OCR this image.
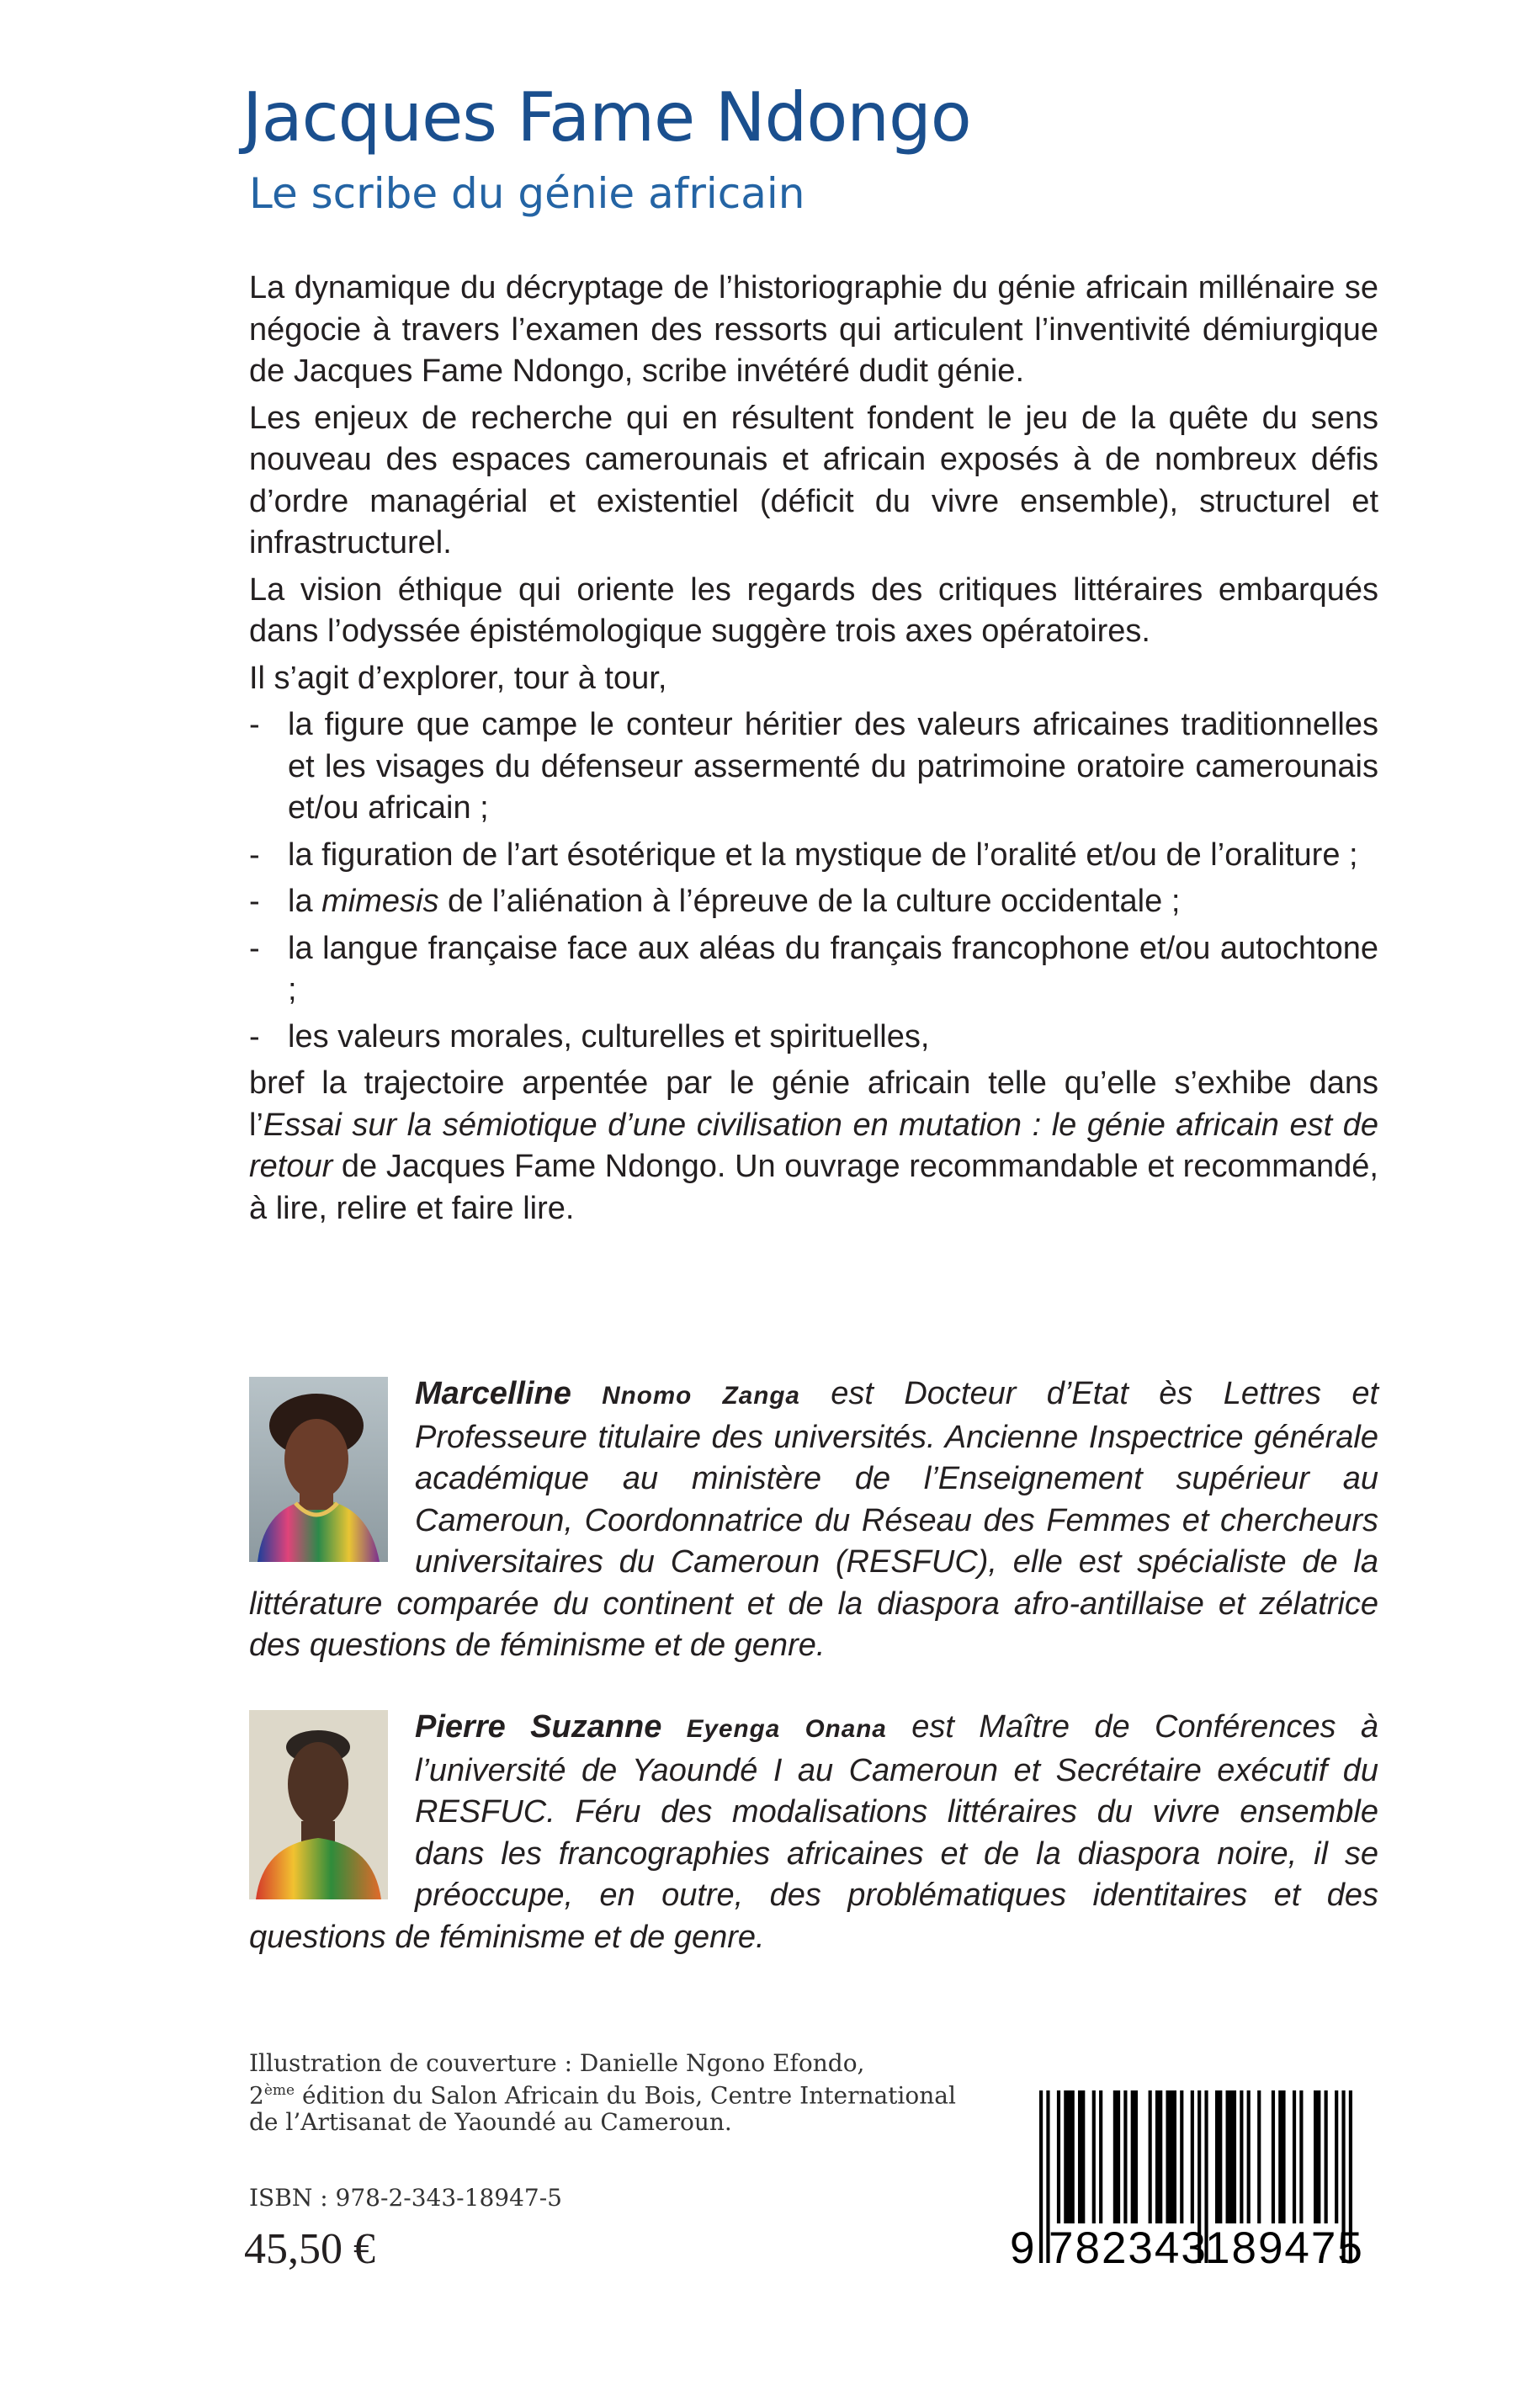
Jacques Fame Ndongo
Le scribe du génie africain

La dynamique du décryptage de l’historiographie du génie africain millénaire se négocie à travers l’examen des ressorts qui articulent l’inventivité démiurgique de Jacques Fame Ndongo, scribe invétéré dudit génie.

Les enjeux de recherche qui en résultent fondent le jeu de la quête du sens nouveau des espaces camerounais et africain exposés à de nombreux défis d’ordre managérial et existentiel (déficit du vivre ensemble), structurel et infrastructurel.

La vision éthique qui oriente les regards des critiques littéraires embarqués dans l’odyssée épistémologique suggère trois axes opératoires.

Il s’agit d’explorer, tour à tour,

- la figure que campe le conteur héritier des valeurs africaines traditionnelles et les visages du défenseur assermenté du patrimoine oratoire camerounais et/ou africain ;
- la figuration de l’art ésotérique et la mystique de l’oralité et/ou de l’oraliture ;
- la mimesis de l’aliénation à l’épreuve de la culture occidentale ;
- la langue française face aux aléas du français francophone et/ou autochtone ;
- les valeurs morales, culturelles et spirituelles,

bref la trajectoire arpentée par le génie africain telle qu’elle s’exhibe dans l’Essai sur la sémiotique d’une civilisation en mutation : le génie africain est de retour de Jacques Fame Ndongo. Un ouvrage recommandable et recommandé, à lire, relire et faire lire.

Marcelline Nnomo Zanga est Docteur d’Etat ès Lettres et Professeure titulaire des universités. Ancienne Inspectrice générale académique au ministère de l’Enseignement supérieur au Cameroun, Coordonnatrice du Réseau des Femmes et chercheurs universitaires du Cameroun (RESFUC), elle est spécialiste de la littérature comparée du continent et de la diaspora afro-antillaise et zélatrice des questions de féminisme et de genre.
Pierre Suzanne Eyenga Onana est Maître de Conférences à l’université de Yaoundé I au Cameroun et Secrétaire exécutif du RESFUC. Féru des modalisations littéraires du vivre ensemble dans les francographies africaines et de la diaspora noire, il se préoccupe, en outre, des problématiques identitaires et des questions de féminisme et de genre.
Illustration de couverture : Danielle Ngono Efondo,
2ème édition du Salon Africain du Bois, Centre International
de l’Artisanat de Yaoundé au Cameroun.
ISBN : 978-2-343-18947-5
45,50 €	9 782343
189475
